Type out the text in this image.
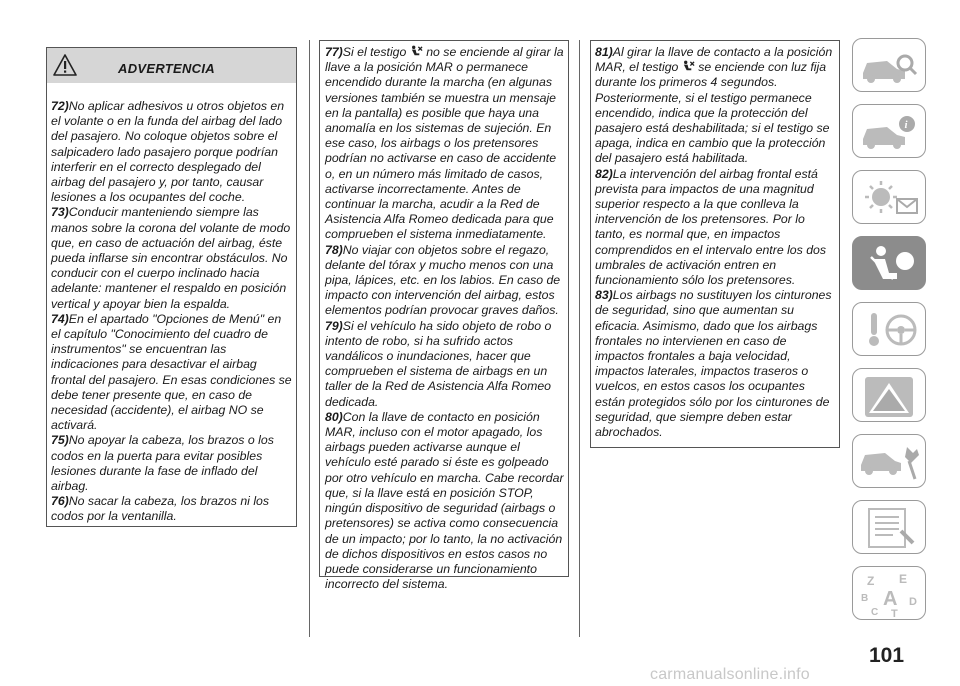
ADVERTENCIA

72)No aplicar adhesivos u otros objetos en el volante o en la funda del airbag del lado del pasajero. No coloque objetos sobre el salpicadero lado pasajero porque podrían interferir en el correcto desplegado del airbag del pasajero y, por tanto, causar lesiones a los ocupantes del coche.

73)Conducir manteniendo siempre las manos sobre la corona del volante de modo que, en caso de actuación del airbag, éste pueda inflarse sin encontrar obstáculos. No conducir con el cuerpo inclinado hacia adelante: mantener el respaldo en posición vertical y apoyar bien la espalda.

74)En el apartado "Opciones de Menú" en el capítulo "Conocimiento del cuadro de instrumentos" se encuentran las indicaciones para desactivar el airbag frontal del pasajero. En esas condiciones se debe tener presente que, en caso de necesidad (accidente), el airbag NO se activará.

75)No apoyar la cabeza, los brazos o los codos en la puerta para evitar posibles lesiones durante la fase de inflado del airbag.

76)No sacar la cabeza, los brazos ni los codos por la ventanilla.

77)Si el testigo no se enciende al girar la llave a la posición MAR o permanece encendido durante la marcha (en algunas versiones también se muestra un mensaje en la pantalla) es posible que haya una anomalía en los sistemas de sujeción. En ese caso, los airbags o los pretensores podrían no activarse en caso de accidente o, en un número más limitado de casos, activarse incorrectamente. Antes de continuar la marcha, acudir a la Red de Asistencia Alfa Romeo dedicada para que comprueben el sistema inmediatamente.

78)No viajar con objetos sobre el regazo, delante del tórax y mucho menos con una pipa, lápices, etc. en los labios. En caso de impacto con intervención del airbag, estos elementos podrían provocar graves daños.

79)Si el vehículo ha sido objeto de robo o intento de robo, si ha sufrido actos vandálicos o inundaciones, hacer que comprueben el sistema de airbags en un taller de la Red de Asistencia Alfa Romeo dedicada.

80)Con la llave de contacto en posición MAR, incluso con el motor apagado, los airbags pueden activarse aunque el vehículo esté parado si éste es golpeado por otro vehículo en marcha. Cabe recordar que, si la llave está en posición STOP, ningún dispositivo de seguridad (airbags o pretensores) se activa como consecuencia de un impacto; por lo tanto, la no activación de dichos dispositivos en estos casos no puede considerarse un funcionamiento incorrecto del sistema.

81)Al girar la llave de contacto a la posición MAR, el testigo se enciende con luz fija durante los primeros 4 segundos. Posteriormente, si el testigo permanece encendido, indica que la protección del pasajero está deshabilitada; si el testigo se apaga, indica en cambio que la protección del pasajero está habilitada.

82)La intervención del airbag frontal está prevista para impactos de una magnitud superior respecto a la que conlleva la intervención de los pretensores. Por lo tanto, es normal que, en impactos comprendidos en el intervalo entre los dos umbrales de activación entren en funcionamiento sólo los pretensores.

83)Los airbags no sustituyen los cinturones de seguridad, sino que aumentan su eficacia. Asimismo, dado que los airbags frontales no intervienen en caso de impactos frontales a baja velocidad, impactos laterales, impactos traseros o vuelcos, en estos casos los ocupantes están protegidos sólo por los cinturones de seguridad, que siempre deben estar abrochados.

i
Z E
B A D
C T
101
carmanualsonline.info
